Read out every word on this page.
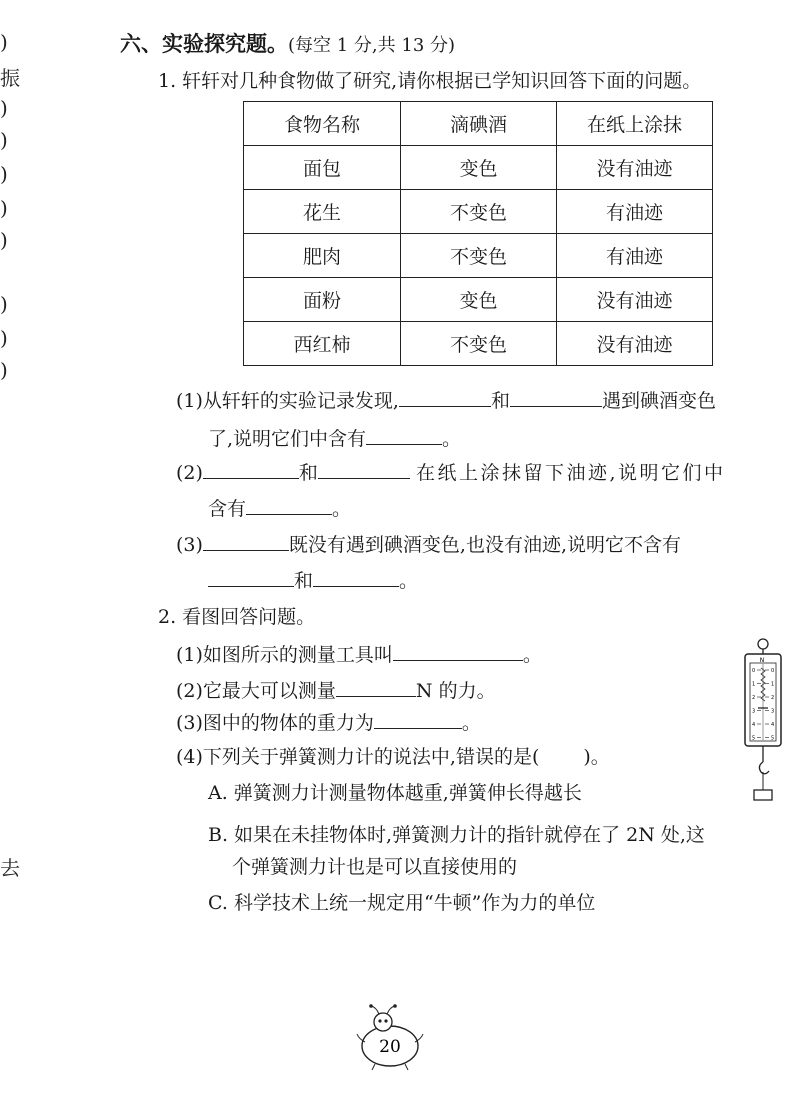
)
振
)
)
)
)
)
)
)
)
去
六、实验探究题。(每空 1 分,共 13 分)
1. 轩轩对几种食物做了研究,请你根据已学知识回答下面的问题。
食物名称	滴碘酒	在纸上涂抹
面包	变色	没有油迹
花生	不变色	有油迹
肥肉	不变色	有油迹
面粉	变色	没有油迹
西红柿	不变色	没有油迹
(1)从轩轩的实验记录发现,	和	遇到碘酒变色
了,说明它们中含有	。
(2)	和	在纸上涂抹留下油迹,说明它们中
含有	。
(3)	既没有遇到碘酒变色,也没有油迹,说明它不含有
和	。
2. 看图回答问题。
(1)如图所示的测量工具叫	。
(2)它最大可以测量	N 的力。
(3)图中的物体的重力为	。
(4)下列关于弹簧测力计的说法中,错误的是( )。
A. 弹簧测力计测量物体越重,弹簧伸长得越长
B. 如果在未挂物体时,弹簧测力计的指针就停在了 2N 处,这
个弹簧测力计也是可以直接使用的
C. 科学技术上统一规定用“牛顿”作为力的单位
N
0	0
1	1
2	2
3	3
4	4
5	5
20
